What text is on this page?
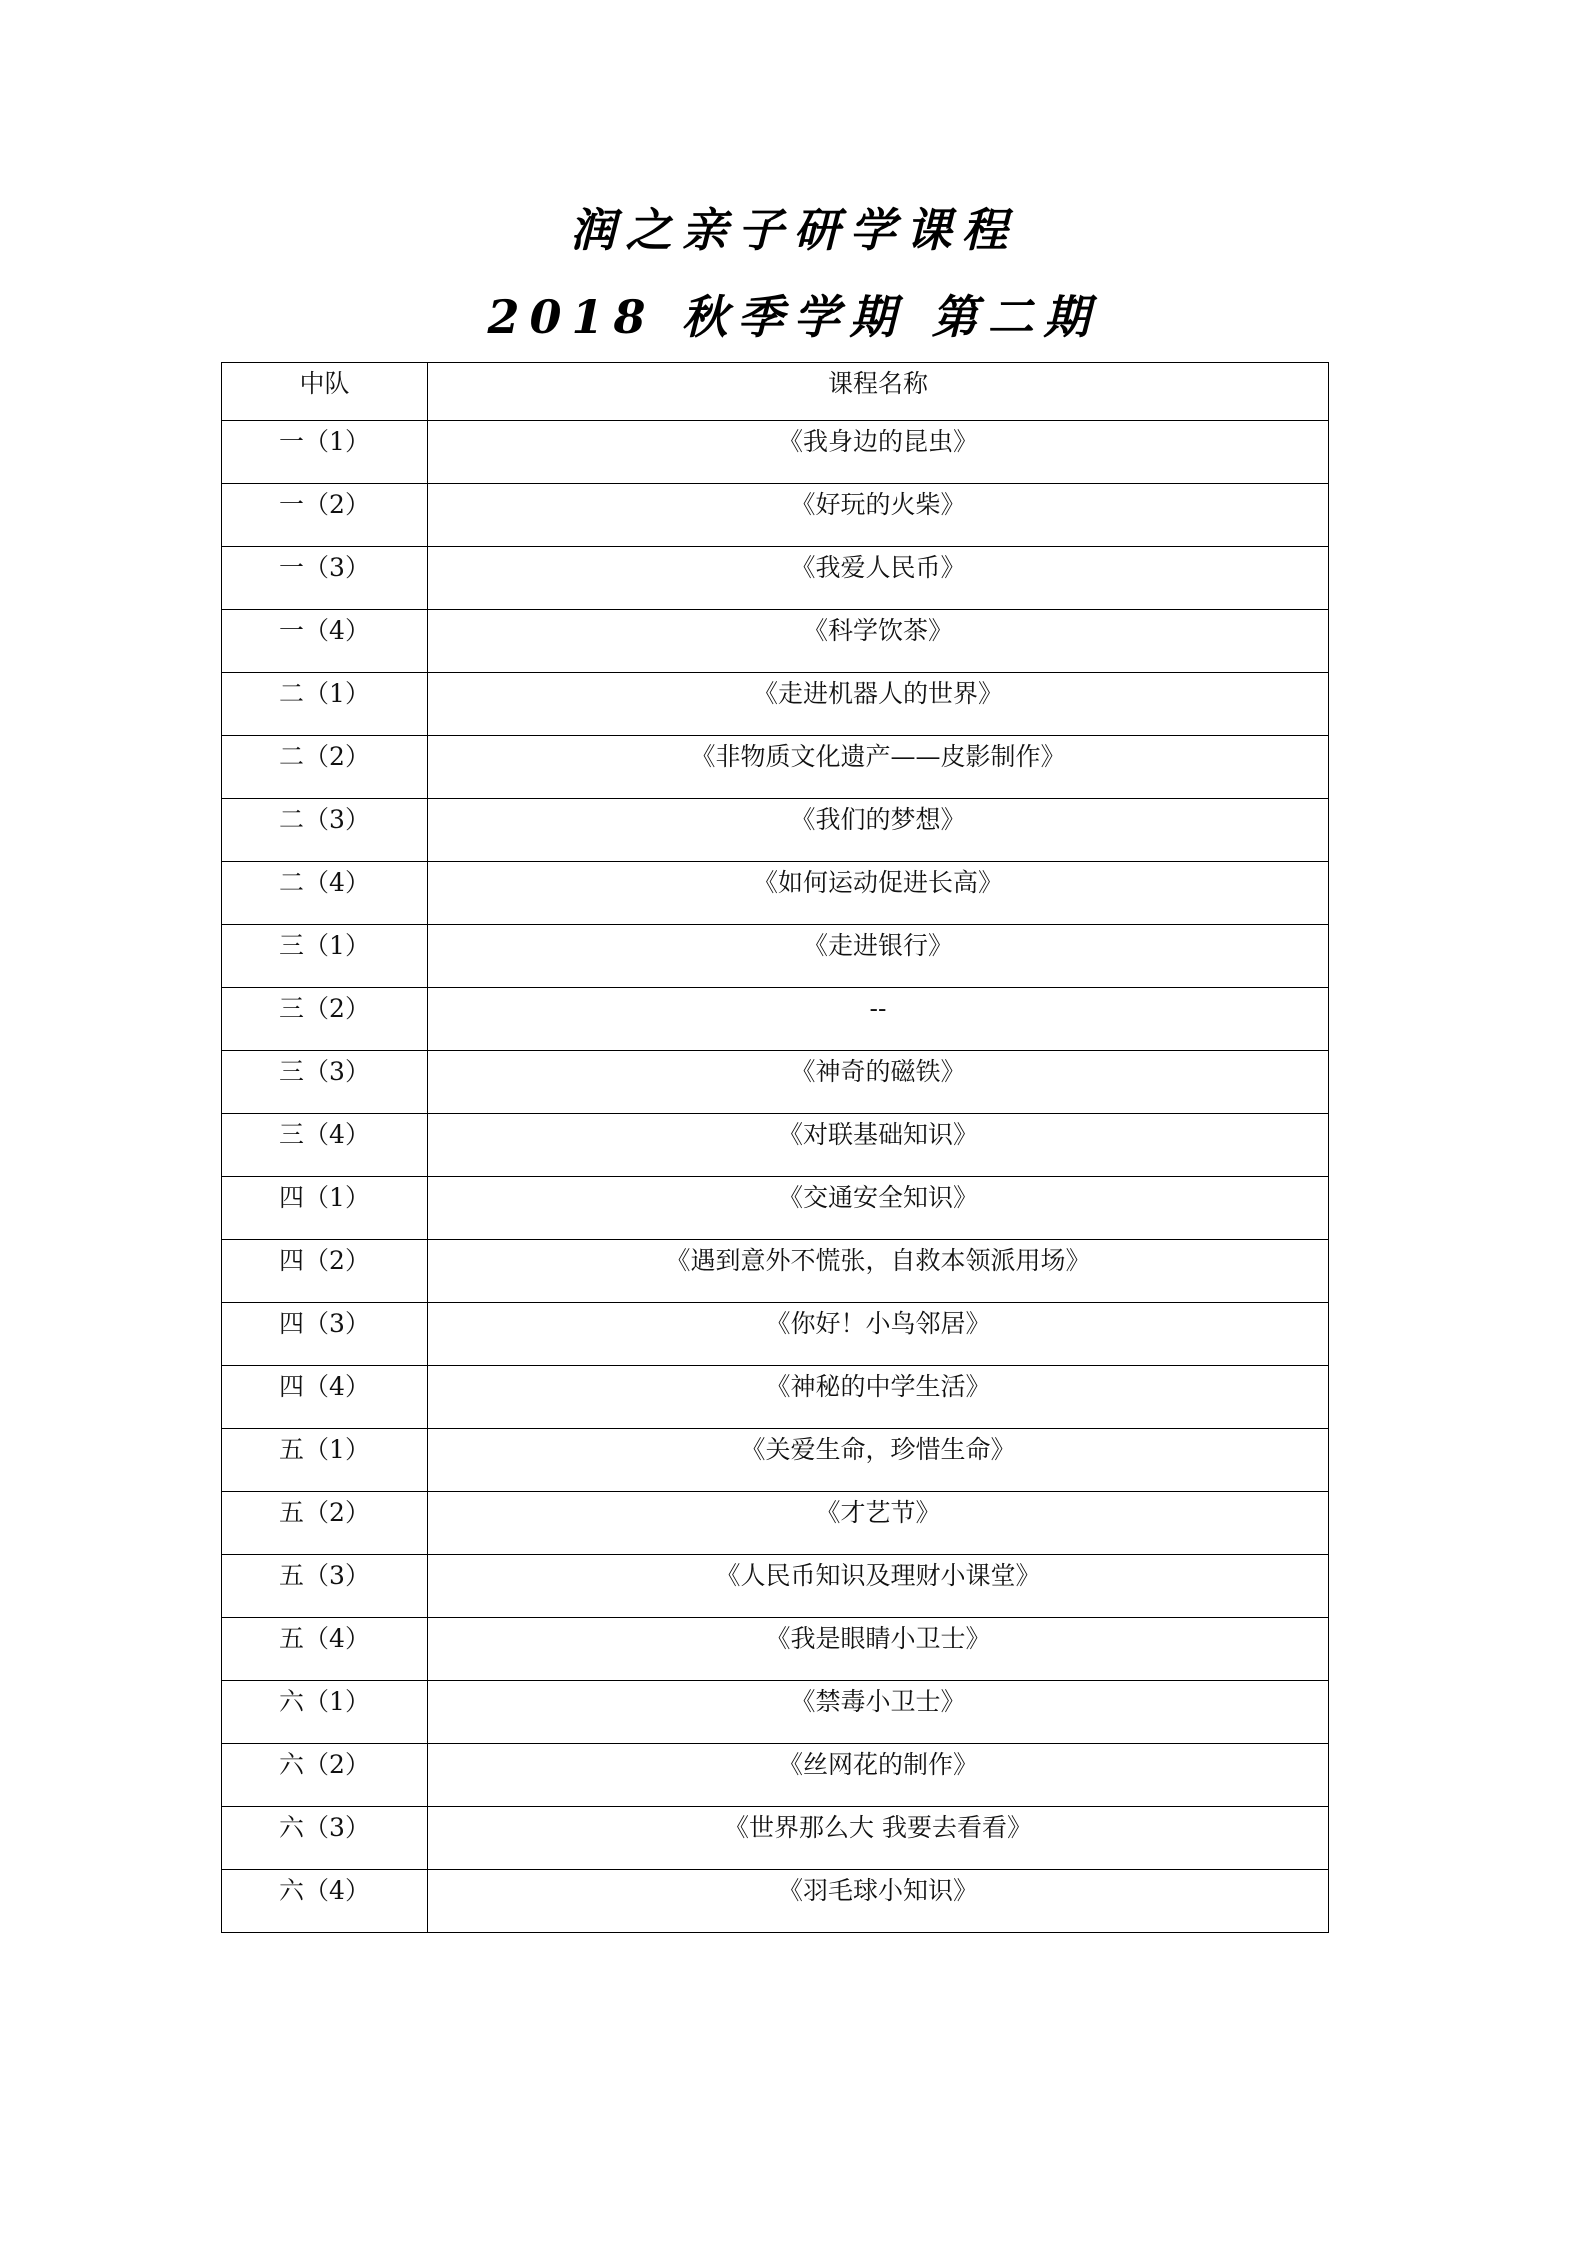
润之亲子研学课程
2018 秋季学期 第二期
中队	课程名称
一（1）	《我身边的昆虫》
一（2）	《好玩的火柴》
一（3）	《我爱人民币》
一（4）	《科学饮茶》
二（1）	《走进机器人的世界》
二（2）	《非物质文化遗产——皮影制作》
二（3）	《我们的梦想》
二（4）	《如何运动促进长高》
三（1）	《走进银行》
三（2）	--
三（3）	《神奇的磁铁》
三（4）	《对联基础知识》
四（1）	《交通安全知识》
四（2）	《遇到意外不慌张，自救本领派用场》
四（3）	《你好！小鸟邻居》
四（4）	《神秘的中学生活》
五（1）	《关爱生命，珍惜生命》
五（2）	《才艺节》
五（3）	《人民币知识及理财小课堂》
五（4）	《我是眼睛小卫士》
六（1）	《禁毒小卫士》
六（2）	《丝网花的制作》
六（3）	《世界那么大 我要去看看》
六（4）	《羽毛球小知识》
